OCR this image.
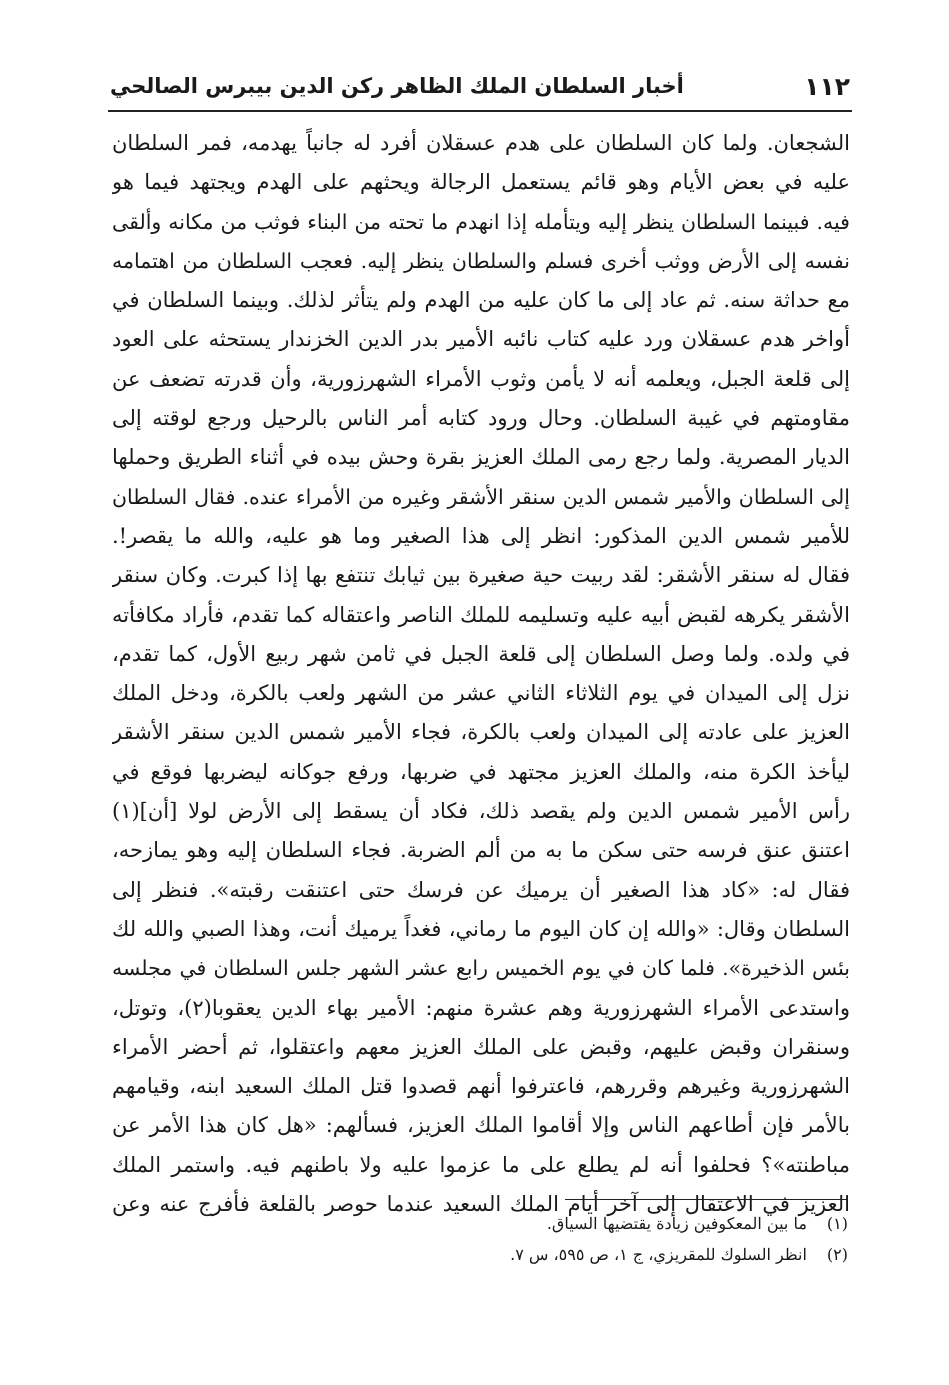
١١٢
أخبار السلطان الملك الظاهر ركن الدين بيبرس الصالحي
الشجعان. ولما كان السلطان على هدم عسقلان أفرد له جانباً يهدمه، فمر السلطان
عليه في بعض الأيام وهو قائم يستعمل الرجالة ويحثهم على الهدم ويجتهد فيما هو
فيه. فبينما السلطان ينظر إليه ويتأمله إذا انهدم ما تحته من البناء فوثب من مكانه وألقى
نفسه إلى الأرض ووثب أخرى فسلم والسلطان ينظر إليه. فعجب السلطان من اهتمامه
مع حداثة سنه. ثم عاد إلى ما كان عليه من الهدم ولم يتأثر لذلك. وبينما السلطان في
أواخر هدم عسقلان ورد عليه كتاب نائبه الأمير بدر الدين الخزندار يستحثه على العود
إلى قلعة الجبل، ويعلمه أنه لا يأمن وثوب الأمراء الشهرزورية، وأن قدرته تضعف عن
مقاومتهم في غيبة السلطان. وحال ورود كتابه أمر الناس بالرحيل ورجع لوقته إلى
الديار المصرية. ولما رجع رمى الملك العزيز بقرة وحش بيده في أثناء الطريق وحملها
إلى السلطان والأمير شمس الدين سنقر الأشقر وغيره من الأمراء عنده. فقال السلطان
للأمير شمس الدين المذكور: انظر إلى هذا الصغير وما هو عليه، والله ما يقصر!.
فقال له سنقر الأشقر: لقد ربيت حية صغيرة بين ثيابك تنتفع بها إذا كبرت. وكان سنقر
الأشقر يكرهه لقبض أبيه عليه وتسليمه للملك الناصر واعتقاله كما تقدم، فأراد مكافأته
في ولده. ولما وصل السلطان إلى قلعة الجبل في ثامن شهر ربيع الأول، كما تقدم،
نزل إلى الميدان في يوم الثلاثاء الثاني عشر من الشهر ولعب بالكرة، ودخل الملك
العزيز على عادته إلى الميدان ولعب بالكرة، فجاء الأمير شمس الدين سنقر الأشقر
ليأخذ الكرة منه، والملك العزيز مجتهد في ضربها، ورفع جوكانه ليضربها فوقع في
رأس الأمير شمس الدين ولم يقصد ذلك، فكاد أن يسقط إلى الأرض لولا [أن](١)
اعتنق عنق فرسه حتى سكن ما به من ألم الضربة. فجاء السلطان إليه وهو يمازحه،
فقال له: «كاد هذا الصغير أن يرميك عن فرسك حتى اعتنقت رقبته». فنظر إلى
السلطان وقال: «والله إن كان اليوم ما رماني، فغداً يرميك أنت، وهذا الصبي والله لك
بئس الذخيرة». فلما كان في يوم الخميس رابع عشر الشهر جلس السلطان في مجلسه
واستدعى الأمراء الشهرزورية وهم عشرة منهم: الأمير بهاء الدين يعقوبا(٢)، وتوتل،
وسنقران وقبض عليهم، وقبض على الملك العزيز معهم واعتقلوا، ثم أحضر الأمراء
الشهرزورية وغيرهم وقررهم، فاعترفوا أنهم قصدوا قتل الملك السعيد ابنه، وقيامهم
بالأمر فإن أطاعهم الناس وإلا أقاموا الملك العزيز، فسألهم: «هل كان هذا الأمر عن
مباطنته»؟ فحلفوا أنه لم يطلع على ما عزموا عليه ولا باطنهم فيه. واستمر الملك
العزيز في الاعتقال إلى آخر أيام الملك السعيد عندما حوصر بالقلعة فأفرج عنه وعن
(١) ما بين المعكوفين زيادة يقتضيها السياق.
(٢) انظر السلوك للمقريزي، ج ١، ص ٥٩٥، س ٧.
